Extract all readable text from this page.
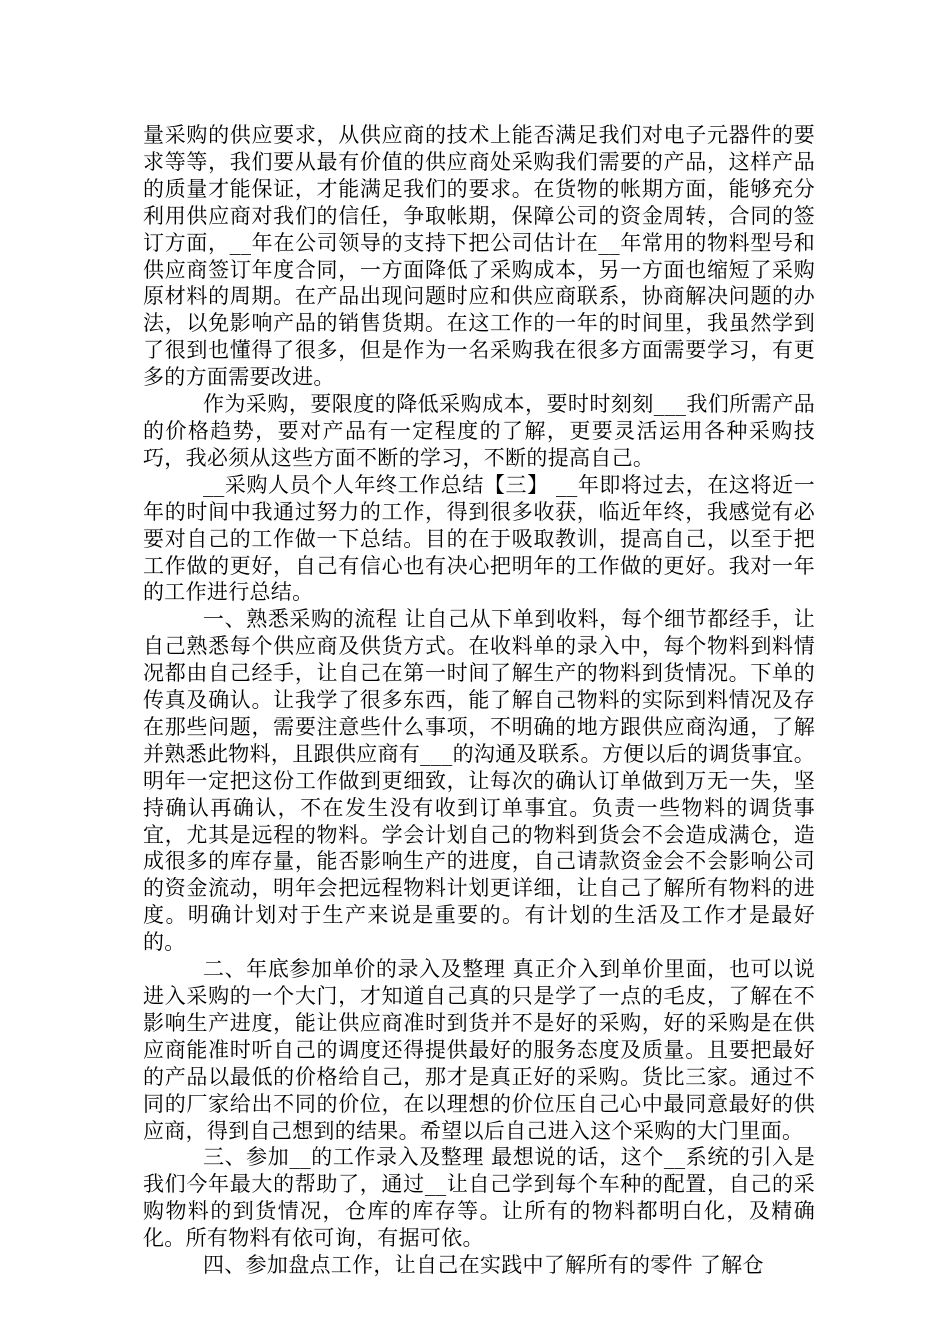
量采购的供应要求，从供应商的技术上能否满足我们对电子元器件的要求等等，我们要从最有价值的供应商处采购我们需要的产品，这样产品的质量才能保证，才能满足我们的要求。在货物的帐期方面，能够充分利用供应商对我们的信任，争取帐期，保障公司的资金周转，合同的签订方面，__年在公司领导的支持下把公司估计在__年常用的物料型号和供应商签订年度合同，一方面降低了采购成本，另一方面也缩短了采购原材料的周期。在产品出现问题时应和供应商联系，协商解决问题的办法，以免影响产品的销售货期。在这工作的一年的时间里，我虽然学到了很到也懂得了很多，但是作为一名采购我在很多方面需要学习，有更多的方面需要改进。

作为采购，要限度的降低采购成本，要时时刻刻___我们所需产品的价格趋势，要对产品有一定程度的了解，更要灵活运用各种采购技巧，我必须从这些方面不断的学习，不断的提高自己。

__采购人员个人年终工作总结【三】 __年即将过去，在这将近一年的时间中我通过努力的工作，得到很多收获，临近年终，我感觉有必要对自己的工作做一下总结。目的在于吸取教训，提高自己，以至于把工作做的更好，自己有信心也有决心把明年的工作做的更好。我对一年的工作进行总结。

一、熟悉采购的流程 让自己从下单到收料，每个细节都经手，让自己熟悉每个供应商及供货方式。在收料单的录入中，每个物料到料情况都由自己经手，让自己在第一时间了解生产的物料到货情况。下单的传真及确认。让我学了很多东西，能了解自己物料的实际到料情况及存在那些问题，需要注意些什么事项，不明确的地方跟供应商沟通，了解并熟悉此物料，且跟供应商有___的沟通及联系。方便以后的调货事宜。明年一定把这份工作做到更细致，让每次的确认订单做到万无一失，坚持确认再确认，不在发生没有收到订单事宜。负责一些物料的调货事宜，尤其是远程的物料。学会计划自己的物料到货会不会造成满仓，造成很多的库存量，能否影响生产的进度，自己请款资金会不会影响公司的资金流动，明年会把远程物料计划更详细，让自己了解所有物料的进度。明确计划对于生产来说是重要的。有计划的生活及工作才是最好的。

二、年底参加单价的录入及整理 真正介入到单价里面，也可以说进入采购的一个大门，才知道自己真的只是学了一点的毛皮，了解在不影响生产进度，能让供应商准时到货并不是好的采购，好的采购是在供应商能准时听自己的调度还得提供最好的服务态度及质量。且要把最好的产品以最低的价格给自己，那才是真正好的采购。货比三家。通过不同的厂家给出不同的价位，在以理想的价位压自己心中最同意最好的供应商，得到自己想到的结果。希望以后自己进入这个采购的大门里面。

三、参加__的工作录入及整理 最想说的话，这个__系统的引入是我们今年最大的帮助了，通过__让自己学到每个车种的配置，自己的采购物料的到货情况，仓库的库存等。让所有的物料都明白化，及精确化。所有物料有依可询，有据可依。

四、参加盘点工作，让自己在实践中了解所有的零件 了解仓
